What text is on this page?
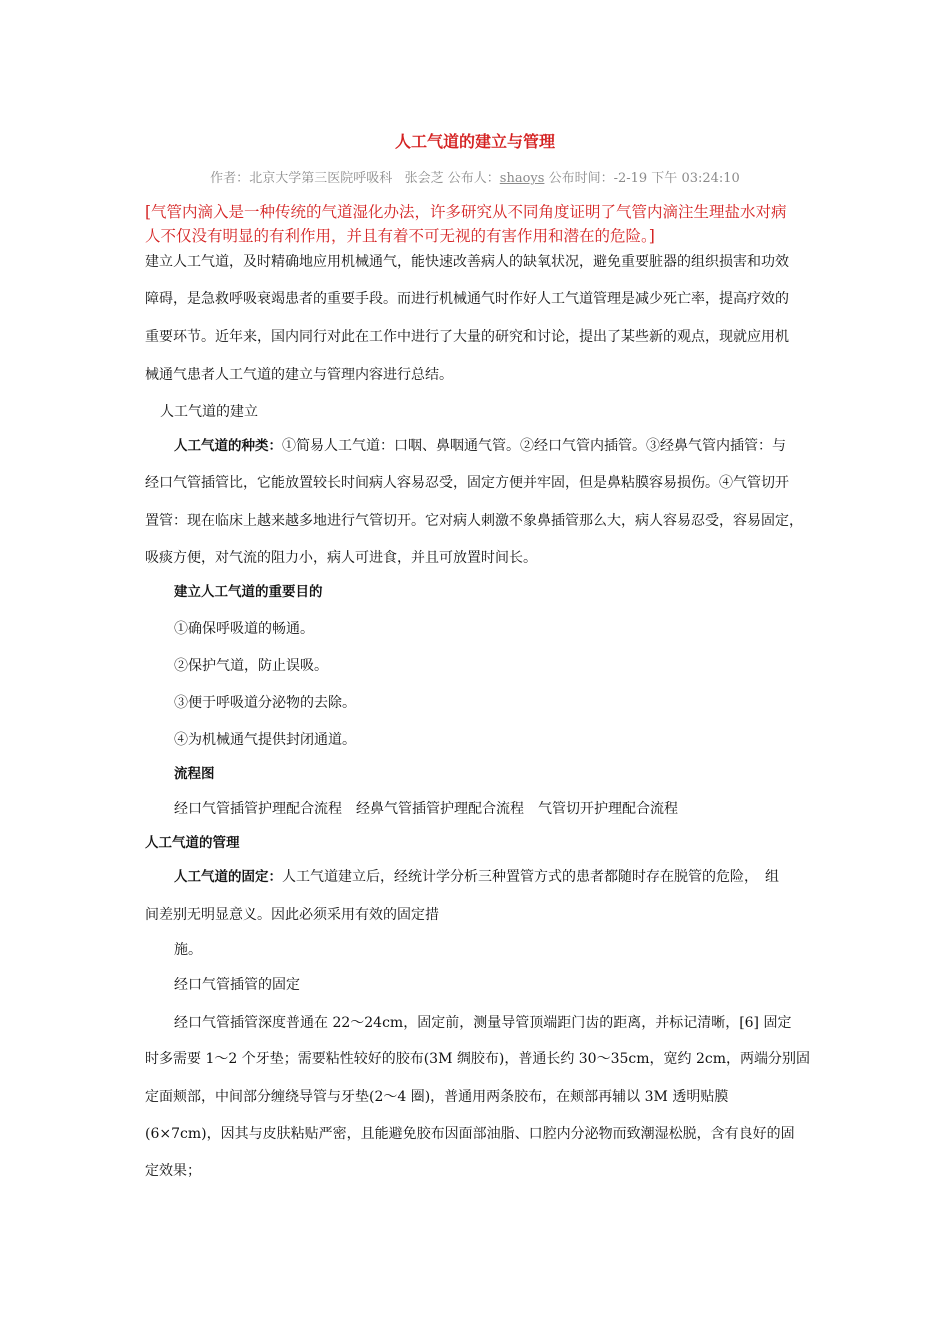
人工气道的建立与管理
作者：北京大学第三医院呼吸科 张会芝 公布人：shaoys 公布时间：-2-19 下午 03:24:10
[气管内滴入是一种传统的气道湿化办法，许多研究从不同角度证明了气管内滴注生理盐水对病
人不仅没有明显的有利作用，并且有着不可无视的有害作用和潜在的危险。]
建立人工气道，及时精确地应用机械通气，能快速改善病人的缺氧状况，避免重要脏器的组织损害和功效
障碍，是急救呼吸衰竭患者的重要手段。而进行机械通气时作好人工气道管理是减少死亡率，提高疗效的
重要环节。近年来，国内同行对此在工作中进行了大量的研究和讨论，提出了某些新的观点，现就应用机
械通气患者人工气道的建立与管理内容进行总结。
人工气道的建立
人工气道的种类：①简易人工气道：口咽、鼻咽通气管。②经口气管内插管。③经鼻气管内插管：与
经口气管插管比，它能放置较长时间病人容易忍受，固定方便并牢固，但是鼻粘膜容易损伤。④气管切开
置管：现在临床上越来越多地进行气管切开。它对病人刺激不象鼻插管那么大，病人容易忍受，容易固定，
吸痰方便，对气流的阻力小，病人可进食，并且可放置时间长。
建立人工气道的重要目的
①确保呼吸道的畅通。
②保护气道，防止误吸。
③便于呼吸道分泌物的去除。
④为机械通气提供封闭通道。
流程图
经口气管插管护理配合流程　经鼻气管插管护理配合流程　气管切开护理配合流程
人工气道的管理
人工气道的固定：人工气道建立后，经统计学分析三种置管方式的患者都随时存在脱管的危险，　组
间差别无明显意义。因此必须采用有效的固定措
施。
经口气管插管的固定
经口气管插管深度普通在 22～24cm，固定前，测量导管顶端距门齿的距离，并标记清晰，[6] 固定
时多需要 1～2 个牙垫；需要粘性较好的胶布(3M 绸胶布)，普通长约 30～35cm，宽约 2cm，两端分别固
定面颊部，中间部分缠绕导管与牙垫(2～4 圈)，普通用两条胶布，在颊部再辅以 3M 透明贴膜
(6×7cm)，因其与皮肤粘贴严密，且能避免胶布因面部油脂、口腔内分泌物而致潮湿松脱，含有良好的固
定效果；
